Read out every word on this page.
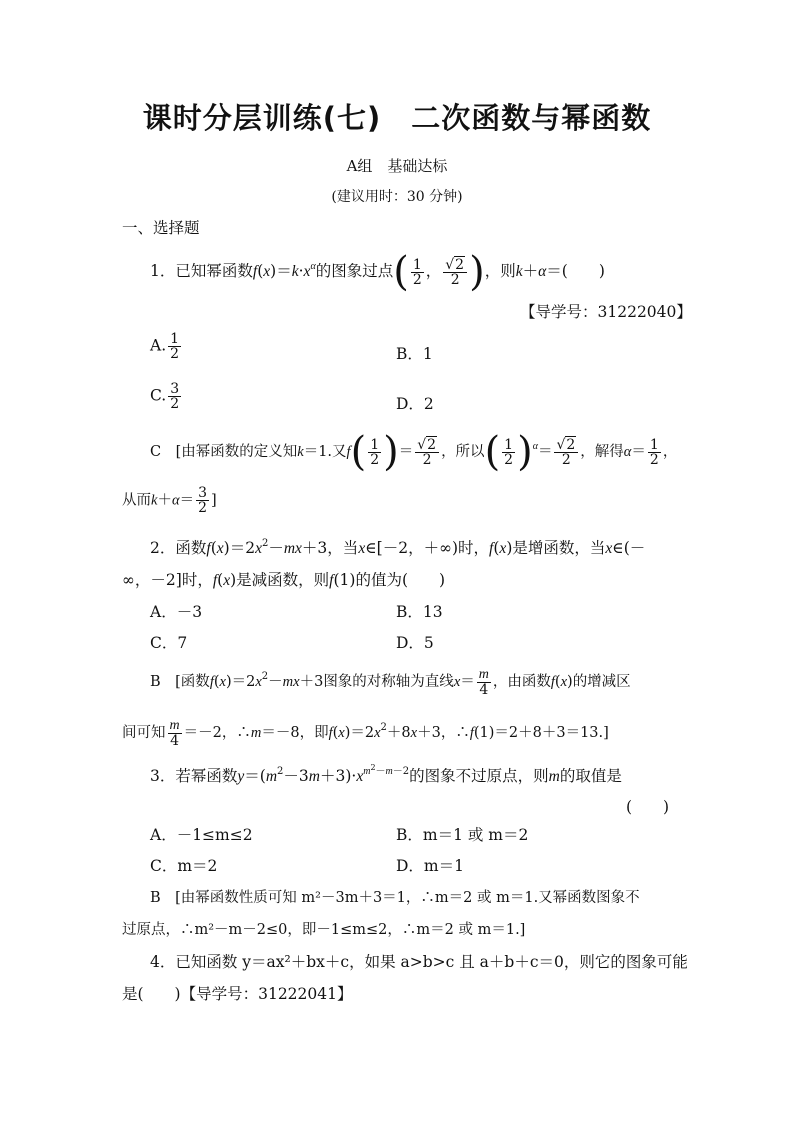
课时分层训练(七) 二次函数与幂函数
A组　基础达标
(建议用时：30 分钟)
一、选择题
1．已知幂函数$f(x)=k\cdot x^\alpha$的图象过点( $\frac{1}{2}$ ， $\frac{√2}{2}$ )，则k＋α＝(　　)
【导学号：31222040】
A. $\frac{1}{2}$	B．1
C. $\frac{3}{2}$	D．2
C　[由幂函数的定义知k＝1.又$f( \frac{1}{2}$ )＝ $\frac{√2}{2}$ ，所以( $\frac{1}{2} )^\alpha= \frac{√2}{2}$ ，解得$\alpha= \frac{1}{2}$ ，
从而$k+\alpha= \frac{3}{2}$ ]
2．函数$f(x)=2x^2-mx+3$，当x∈[－2，＋∞)时，f(x)是增函数，当x∈(－
∞，－2]时，f(x)是减函数，则f(1)的值为(　　)
A．－3	B．13
C．7	D．5
B　[函数$f(x)=2x^2-mx+3$图象的对称轴为直线$x= \frac{m}{4}$ ，由函数f(x)的增减区
间可知 $\frac{m}{4} =-2$，∴m＝－8，即$f(x)=2x^2+8x+3$，∴f(1)＝2＋8＋3＝13.]
3．若幂函数$y=(m^2-3m+3)\cdot x^{m^2-m-2}$的图象不过原点，则m的取值是
(　　)
A．－1≤m≤2	B．m＝1 或 m＝2
C．m＝2	D．m＝1
B　[由幂函数性质可知 m²－3m＋3＝1，∴m＝2 或 m＝1.又幂函数图象不
过原点，∴m²－m－2≤0，即－1≤m≤2，∴m＝2 或 m＝1.]
4．已知函数 y＝ax²＋bx＋c，如果 a>b>c 且 a＋b＋c＝0，则它的图象可能
是(　　)【导学号：31222041】
